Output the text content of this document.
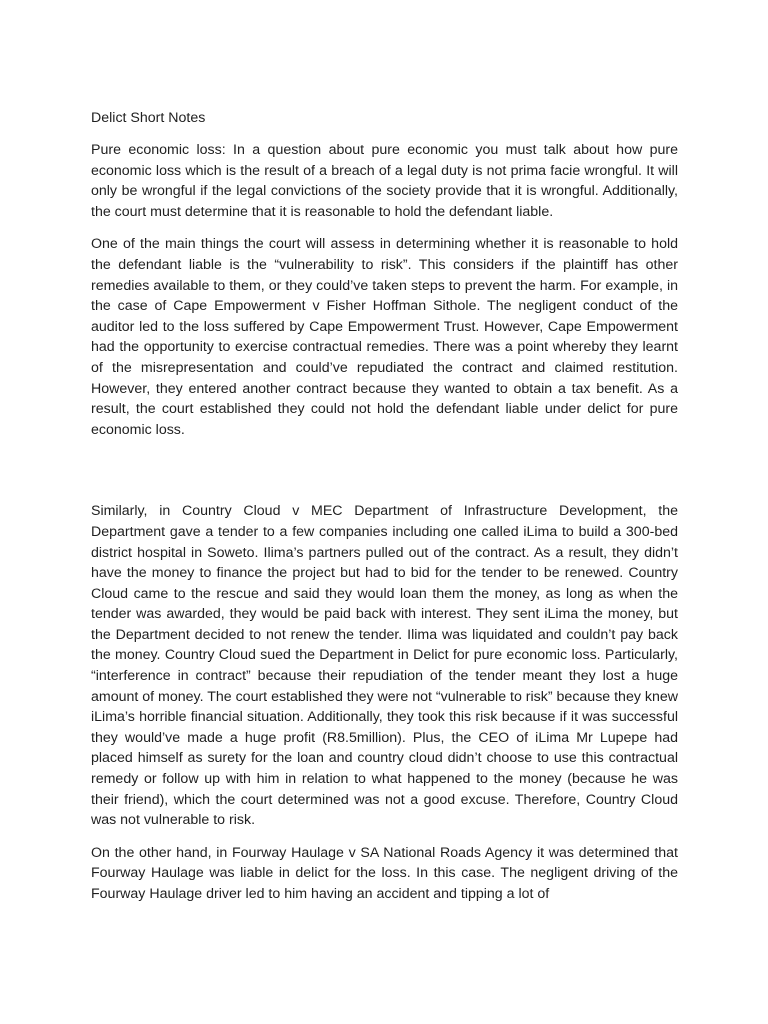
Delict Short Notes

Pure economic loss: In a question about pure economic you must talk about how pure economic loss which is the result of a breach of a legal duty is not prima facie wrongful. It will only be wrongful if the legal convictions of the society provide that it is wrongful. Additionally, the court must determine that it is reasonable to hold the defendant liable.

One of the main things the court will assess in determining whether it is reasonable to hold the defendant liable is the “vulnerability to risk”. This considers if the plaintiff has other remedies available to them, or they could’ve taken steps to prevent the harm. For example, in the case of Cape Empowerment v Fisher Hoffman Sithole. The negligent conduct of the auditor led to the loss suffered by Cape Empowerment Trust. However, Cape Empowerment had the opportunity to exercise contractual remedies. There was a point whereby they learnt of the misrepresentation and could’ve repudiated the contract and claimed restitution. However, they entered another contract because they wanted to obtain a tax benefit. As a result, the court established they could not hold the defendant liable under delict for pure economic loss.

Similarly, in Country Cloud v MEC Department of Infrastructure Development, the Department gave a tender to a few companies including one called iLima to build a 300-bed district hospital in Soweto. Ilima’s partners pulled out of the contract. As a result, they didn’t have the money to finance the project but had to bid for the tender to be renewed. Country Cloud came to the rescue and said they would loan them the money, as long as when the tender was awarded, they would be paid back with interest. They sent iLima the money, but the Department decided to not renew the tender. Ilima was liquidated and couldn’t pay back the money. Country Cloud sued the Department in Delict for pure economic loss. Particularly, “interference in contract” because their repudiation of the tender meant they lost a huge amount of money. The court established they were not “vulnerable to risk” because they knew iLima’s horrible financial situation. Additionally, they took this risk because if it was successful they would’ve made a huge profit (R8.5million). Plus, the CEO of iLima Mr Lupepe had placed himself as surety for the loan and country cloud didn’t choose to use this contractual remedy or follow up with him in relation to what happened to the money (because he was their friend), which the court determined was not a good excuse. Therefore, Country Cloud was not vulnerable to risk.

On the other hand, in Fourway Haulage v SA National Roads Agency it was determined that Fourway Haulage was liable in delict for the loss. In this case. The negligent driving of the Fourway Haulage driver led to him having an accident and tipping a lot of
